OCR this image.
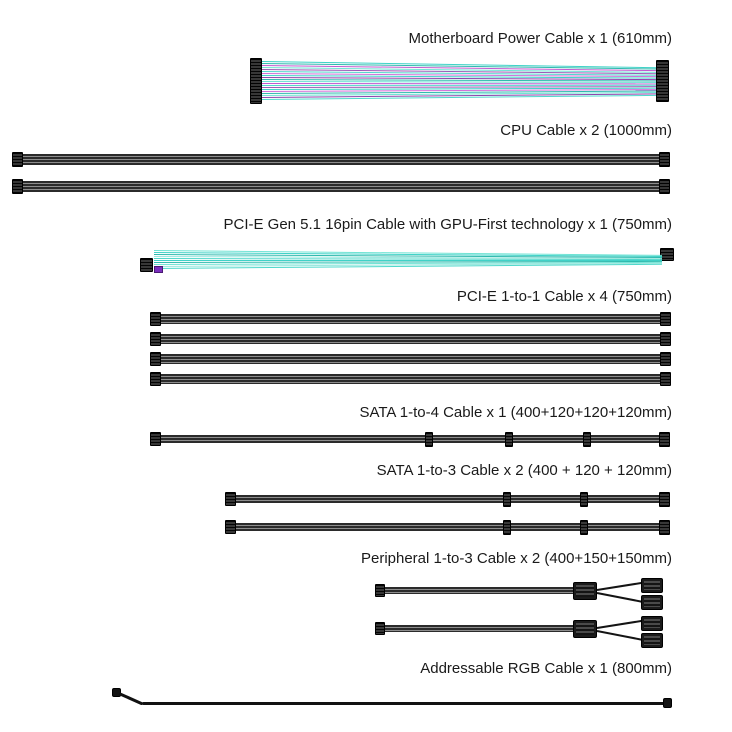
Motherboard Power Cable x 1 (610mm)
CPU Cable x 2 (1000mm)
PCI-E Gen 5.1 16pin Cable with GPU-First technology x 1 (750mm)
PCI-E 1-to-1 Cable x 4 (750mm)
SATA 1-to-4 Cable x 1 (400+120+120+120mm)
SATA 1-to-3 Cable x 2 (400 + 120 + 120mm)
Peripheral 1-to-3 Cable x 2 (400+150+150mm)
Addressable RGB Cable x 1 (800mm)
